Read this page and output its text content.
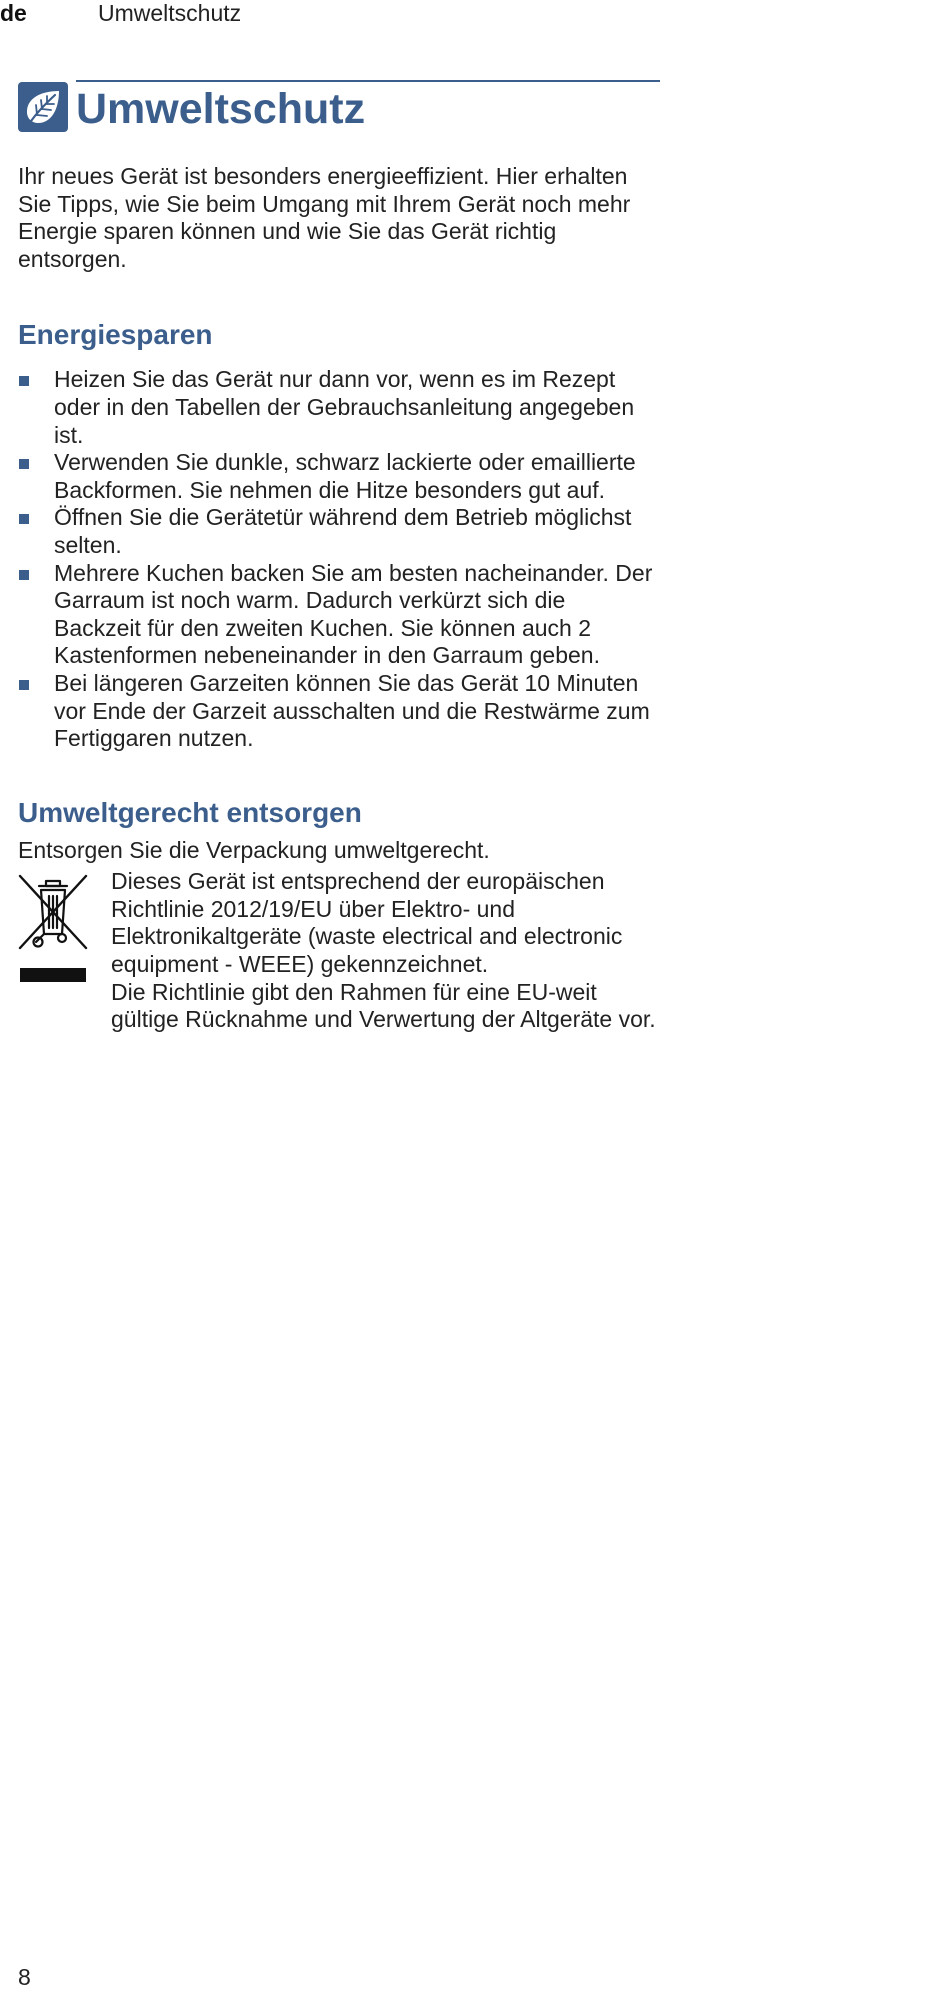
de	Umweltschutz
Umweltschutz

Ihr neues Gerät ist besonders energieeffizient. Hier erhalten Sie Tipps, wie Sie beim Umgang mit Ihrem Gerät noch mehr Energie sparen können und wie Sie das Gerät richtig entsorgen.

Energiesparen
Heizen Sie das Gerät nur dann vor, wenn es im Rezept oder in den Tabellen der Gebrauchsanleitung angegeben ist.
Verwenden Sie dunkle, schwarz lackierte oder emaillierte Backformen. Sie nehmen die Hitze besonders gut auf.
Öffnen Sie die Gerätetür während dem Betrieb möglichst selten.
Mehrere Kuchen backen Sie am besten nacheinander. Der Garraum ist noch warm. Dadurch verkürzt sich die Backzeit für den zweiten Kuchen. Sie können auch 2 Kastenformen nebeneinander in den Garraum geben.
Bei längeren Garzeiten können Sie das Gerät 10 Minuten vor Ende der Garzeit ausschalten und die Restwärme zum Fertiggaren nutzen.
Umweltgerecht entsorgen

Entsorgen Sie die Verpackung umweltgerecht.

Dieses Gerät ist entsprechend der europäischen Richtlinie 2012/19/EU über Elektro- und Elektronikaltgeräte (waste electrical and electronic equipment - WEEE) gekennzeichnet.

Die Richtlinie gibt den Rahmen für eine EU-weit gültige Rücknahme und Verwertung der Altgeräte vor.

8
